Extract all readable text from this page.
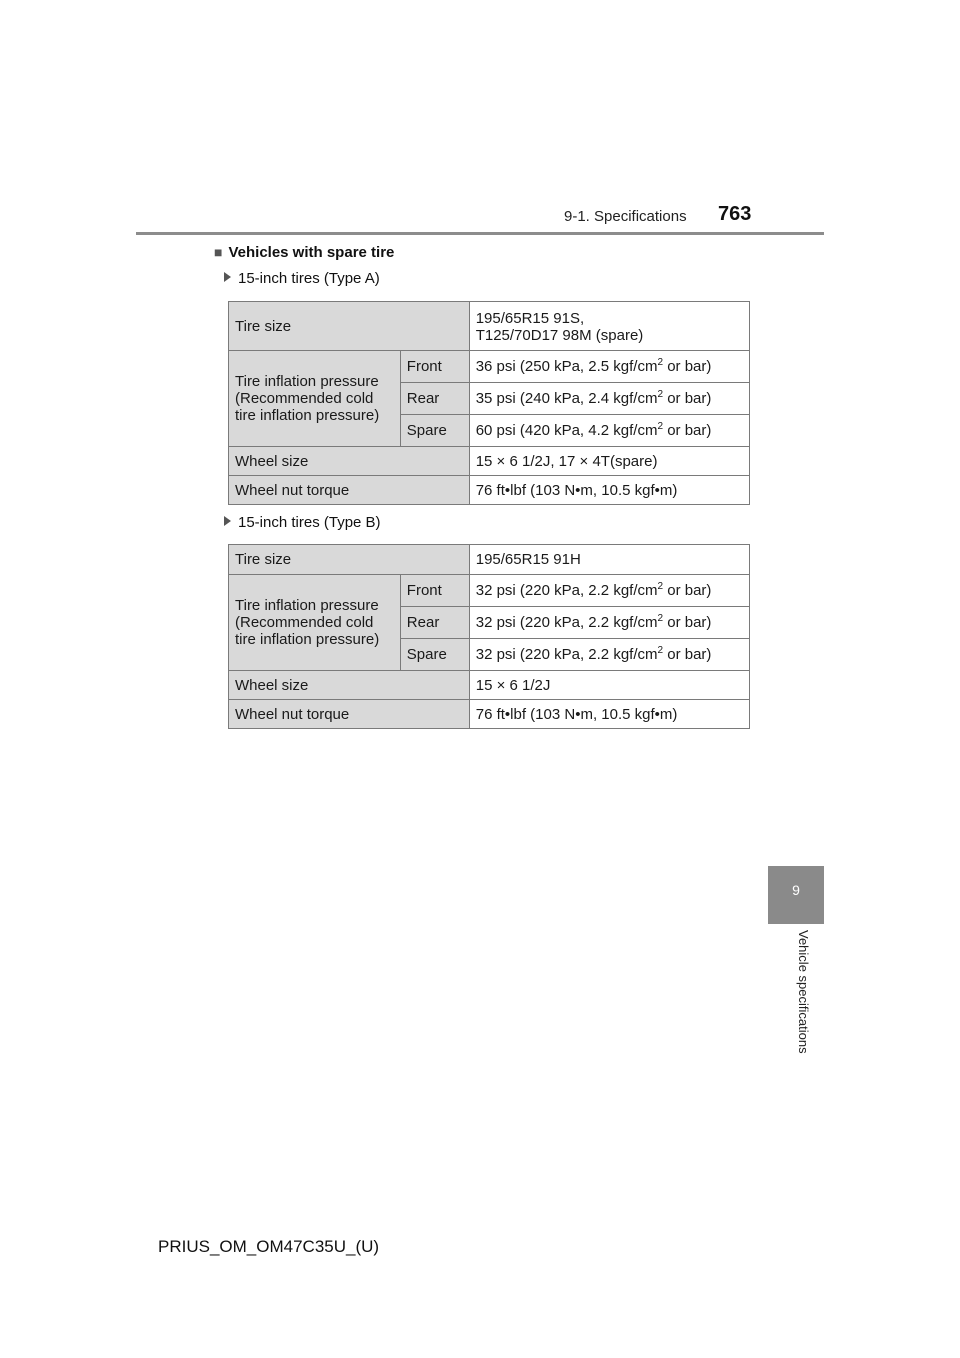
9-1. Specifications 763
■ Vehicles with spare tire
15-inch tires (Type A)
Tire size		195/65R15 91S,
T125/70D17 98M (spare)
Tire inflation pressure
(Recommended cold
tire inflation pressure)	Front	36 psi (250 kPa, 2.5 kgf/$cm^2$ or bar)
	Rear	35 psi (240 kPa, 2.4 kgf/$cm^2$ or bar)
	Spare	60 psi (420 kPa, 4.2 kgf/$cm^2$ or bar)
Wheel size		15 × 6 1/2J, 17 × 4T(spare)
Wheel nut torque		76 ft•lbf (103 N•m, 10.5 kgf•m)
15-inch tires (Type B)
Tire size		195/65R15 91H
Tire inflation pressure
(Recommended cold
tire inflation pressure)	Front	32 psi (220 kPa, 2.2 kgf/$cm^2$ or bar)
	Rear	32 psi (220 kPa, 2.2 kgf/$cm^2$ or bar)
	Spare	32 psi (220 kPa, 2.2 kgf/$cm^2$ or bar)
Wheel size		15 × 6 1/2J
Wheel nut torque		76 ft•lbf (103 N•m, 10.5 kgf•m)
9
Vehicle specifications
PRIUS_OM_OM47C35U_(U)
